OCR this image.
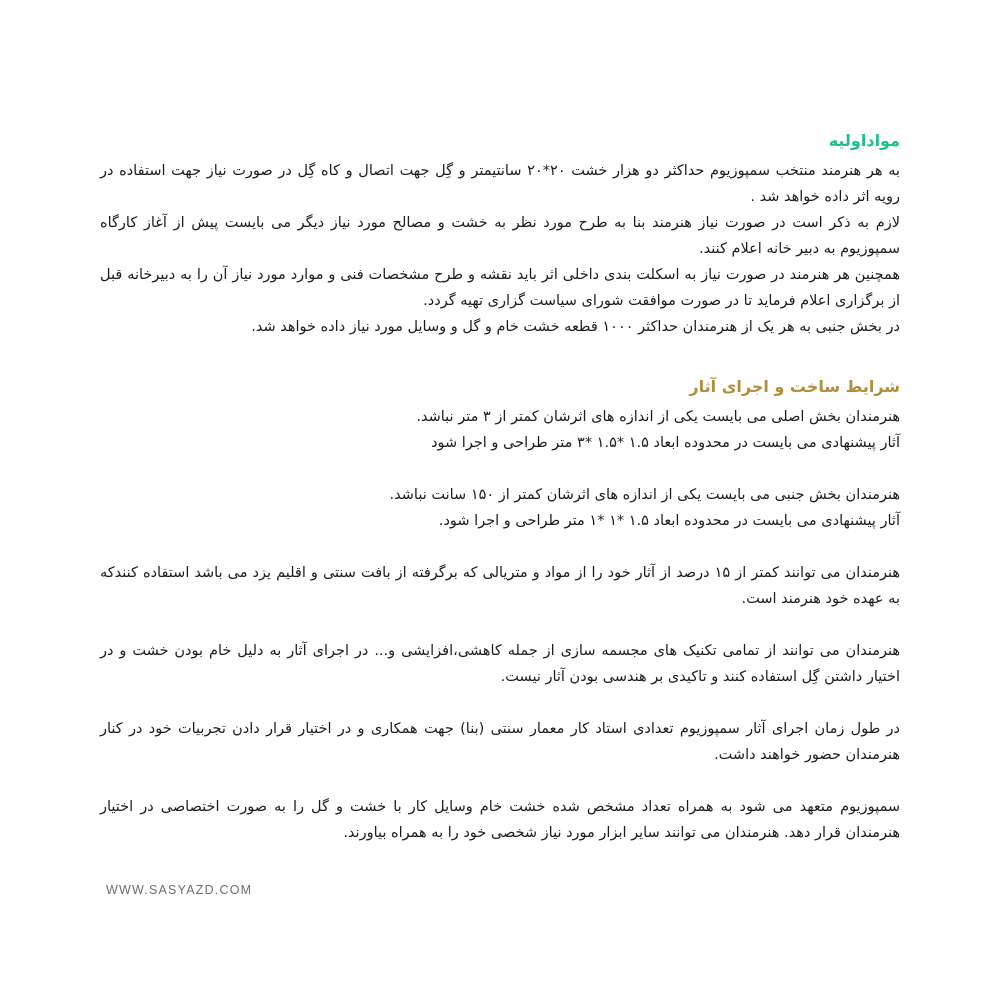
مواداولیه

به هر هنرمند منتخب سمپوزیوم حداکثر دو هزار خشت ۲۰*۲۰ سانتیمتر و گِل جهت اتصال و کاه گِل در صورت نیاز جهت استفاده در رویه اثر داده خواهد شد .

لازم به ذکر است در صورت نیاز هنرمند بنا به طرح مورد نظر به خشت و مصالح مورد نیاز دیگر می بایست پیش از آغاز کارگاه سمپوزیوم به دبیر خانه اعلام کنند.

همچنین هر هنرمند در صورت نیاز به اسکلت بندی داخلی اثر باید نقشه و طرح مشخصات فنی و موارد مورد نیاز آن را به دبیرخانه قبل از برگزاری اعلام فرماید تا در صورت موافقت شورای سیاست گزاری تهیه گردد.

در بخش جنبی به هر یک از هنرمندان حداکثر ۱۰۰۰ قطعه خشت خام و گل و وسایل مورد نیاز داده خواهد شد.

شرایط ساخت و اجرای آثار

هنرمندان بخش اصلی می بایست یکی از اندازه های اثرشان کمتر از ۳ متر نباشد.

آثار پیشنهادی می بایست در محدوده ابعاد ۱.۵ *۱.۵ *۳ متر طراحی و اجرا شود

هنرمندان بخش جنبی می بایست یکی از اندازه های اثرشان کمتر از ۱۵۰ سانت نباشد.

آثار پیشنهادی می بایست در محدوده ابعاد ۱.۵ *۱ *۱ متر طراحی و اجرا شود.

هنرمندان می توانند کمتر از ۱۵ درصد از آثار خود را از مواد و متریالی که برگرفته از بافت سنتی و اقلیم یزد می باشد استفاده کنندکه به عهده خود هنرمند است.

هنرمندان می توانند از تمامی تکنیک های مجسمه سازی از جمله کاهشی،افزایشی و... در اجرای آثار به دلیل خام بودن خشت و در اختیار داشتن گِل استفاده کنند و تاکیدی بر هندسی بودن آثار نیست.

در طول زمان اجرای آثار سمپوزیوم تعدادی استاد کار معمار سنتی (بنا) جهت همکاری و در اختیار قرار دادن تجربیات خود در کنار هنرمندان حضور خواهند داشت.

سمپوزیوم متعهد می شود به همراه تعداد مشخص شده خشت خام وسایل کار با خشت و گل را به صورت اختصاصی در اختیار هنرمندان قرار دهد. هنرمندان می توانند سایر ابزار مورد نیاز شخصی خود را به همراه بیاورند.

WWW.SASYAZD.COM
